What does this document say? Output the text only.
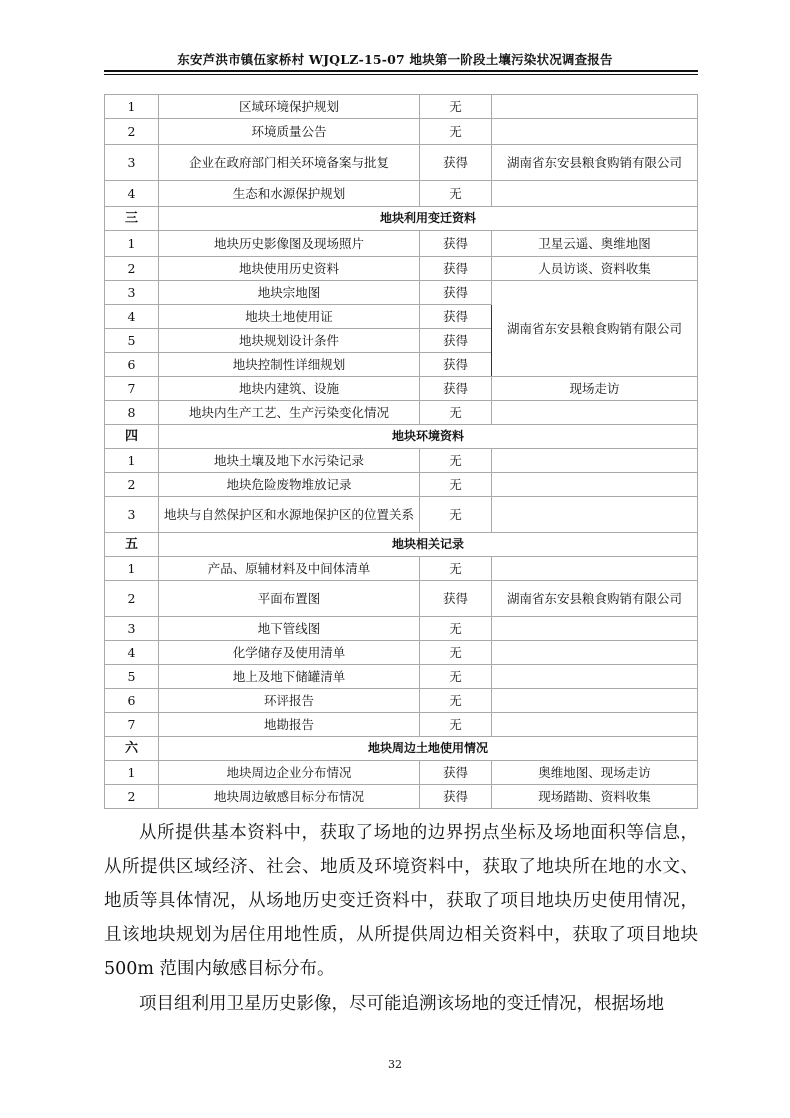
东安芦洪市镇伍家桥村 WJQLZ-15-07 地块第一阶段土壤污染状况调查报告
1	区域环境保护规划	无	
2	环境质量公告	无	
3	企业在政府部门相关环境备案与批复	获得	湖南省东安县粮食购销有限公司
4	生态和水源保护规划	无	
三	地块利用变迁资料		
1	地块历史影像图及现场照片	获得	卫星云遥、奥维地图
2	地块使用历史资料	获得	人员访谈、资料收集
3	地块宗地图	获得	湖南省东安县粮食购销有限公司
4	地块土地使用证	获得	
5	地块规划设计条件	获得	
6	地块控制性详细规划	获得	
7	地块内建筑、设施	获得	现场走访
8	地块内生产工艺、生产污染变化情况	无	
四	地块环境资料		
1	地块土壤及地下水污染记录	无	
2	地块危险废物堆放记录	无	
3	地块与自然保护区和水源地保护区的位置关系	无	
五	地块相关记录		
1	产品、原辅材料及中间体清单	无	
2	平面布置图	获得	湖南省东安县粮食购销有限公司
3	地下管线图	无	
4	化学储存及使用清单	无	
5	地上及地下储罐清单	无	
6	环评报告	无	
7	地勘报告	无	
六	地块周边土地使用情况		
1	地块周边企业分布情况	获得	奥维地图、现场走访
2	地块周边敏感目标分布情况	获得	现场踏勘、资料收集

从所提供基本资料中，获取了场地的边界拐点坐标及场地面积等信息，从所提供区域经济、社会、地质及环境资料中，获取了地块所在地的水文、地质等具体情况，从场地历史变迁资料中，获取了项目地块历史使用情况，且该地块规划为居住用地性质，从所提供周边相关资料中，获取了项目地块 500m 范围内敏感目标分布。

项目组利用卫星历史影像，尽可能追溯该场地的变迁情况，根据场地

32
